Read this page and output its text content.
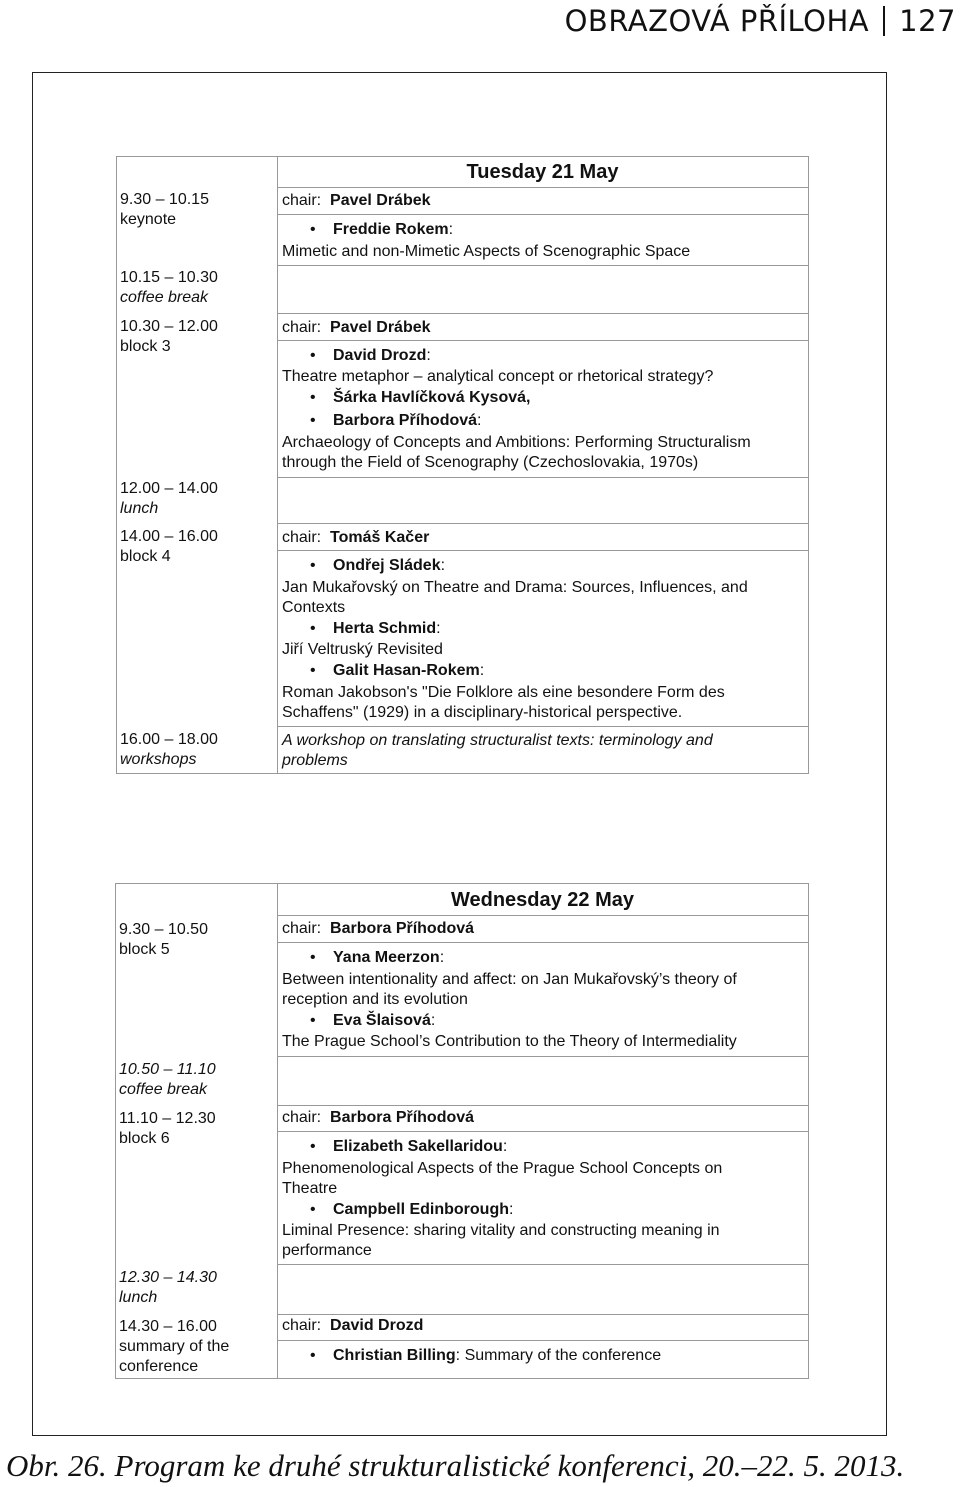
OBRAZOVÁ PŘÍLOHA 127
9.30 – 10.15
keynote
10.15 – 10.30
coffee break
10.30 – 12.00
block 3
12.00 – 14.00
lunch
14.00 – 16.00
block 4
16.00 – 18.00
workshops
Tuesday 21 May
chair: Pavel Drábek
• Freddie Rokem:
Mimetic and non-Mimetic Aspects of Scenographic Space
chair: Pavel Drábek
• David Drozd:
Theatre metaphor – analytical concept or rhetorical strategy?
• Šárka Havlíčková Kysová,
• Barbora Příhodová:
Archaeology of Concepts and Ambitions: Performing Structuralism
through the Field of Scenography (Czechoslovakia, 1970s)
chair: Tomáš Kačer
• Ondřej Sládek:
Jan Mukařovský on Theatre and Drama: Sources, Influences, and
Contexts
• Herta Schmid:
Jiří Veltruský Revisited
• Galit Hasan-Rokem:
Roman Jakobson's "Die Folklore als eine besondere Form des
Schaffens" (1929) in a disciplinary-historical perspective.
A workshop on translating structuralist texts: terminology and
problems
9.30 – 10.50
block 5
10.50 – 11.10
coffee break
11.10 – 12.30
block 6
12.30 – 14.30
lunch
14.30 – 16.00
summary of the
conference
Wednesday 22 May
chair: Barbora Příhodová
• Yana Meerzon:
Between intentionality and affect: on Jan Mukařovský’s theory of
reception and its evolution
• Eva Šlaisová:
The Prague School’s Contribution to the Theory of Intermediality
chair: Barbora Příhodová
• Elizabeth Sakellaridou:
Phenomenological Aspects of the Prague School Concepts on
Theatre
• Campbell Edinborough:
Liminal Presence: sharing vitality and constructing meaning in
performance
chair: David Drozd
• Christian Billing: Summary of the conference
Obr. 26. Program ke druhé strukturalistické konferenci, 20.–22. 5. 2013.
